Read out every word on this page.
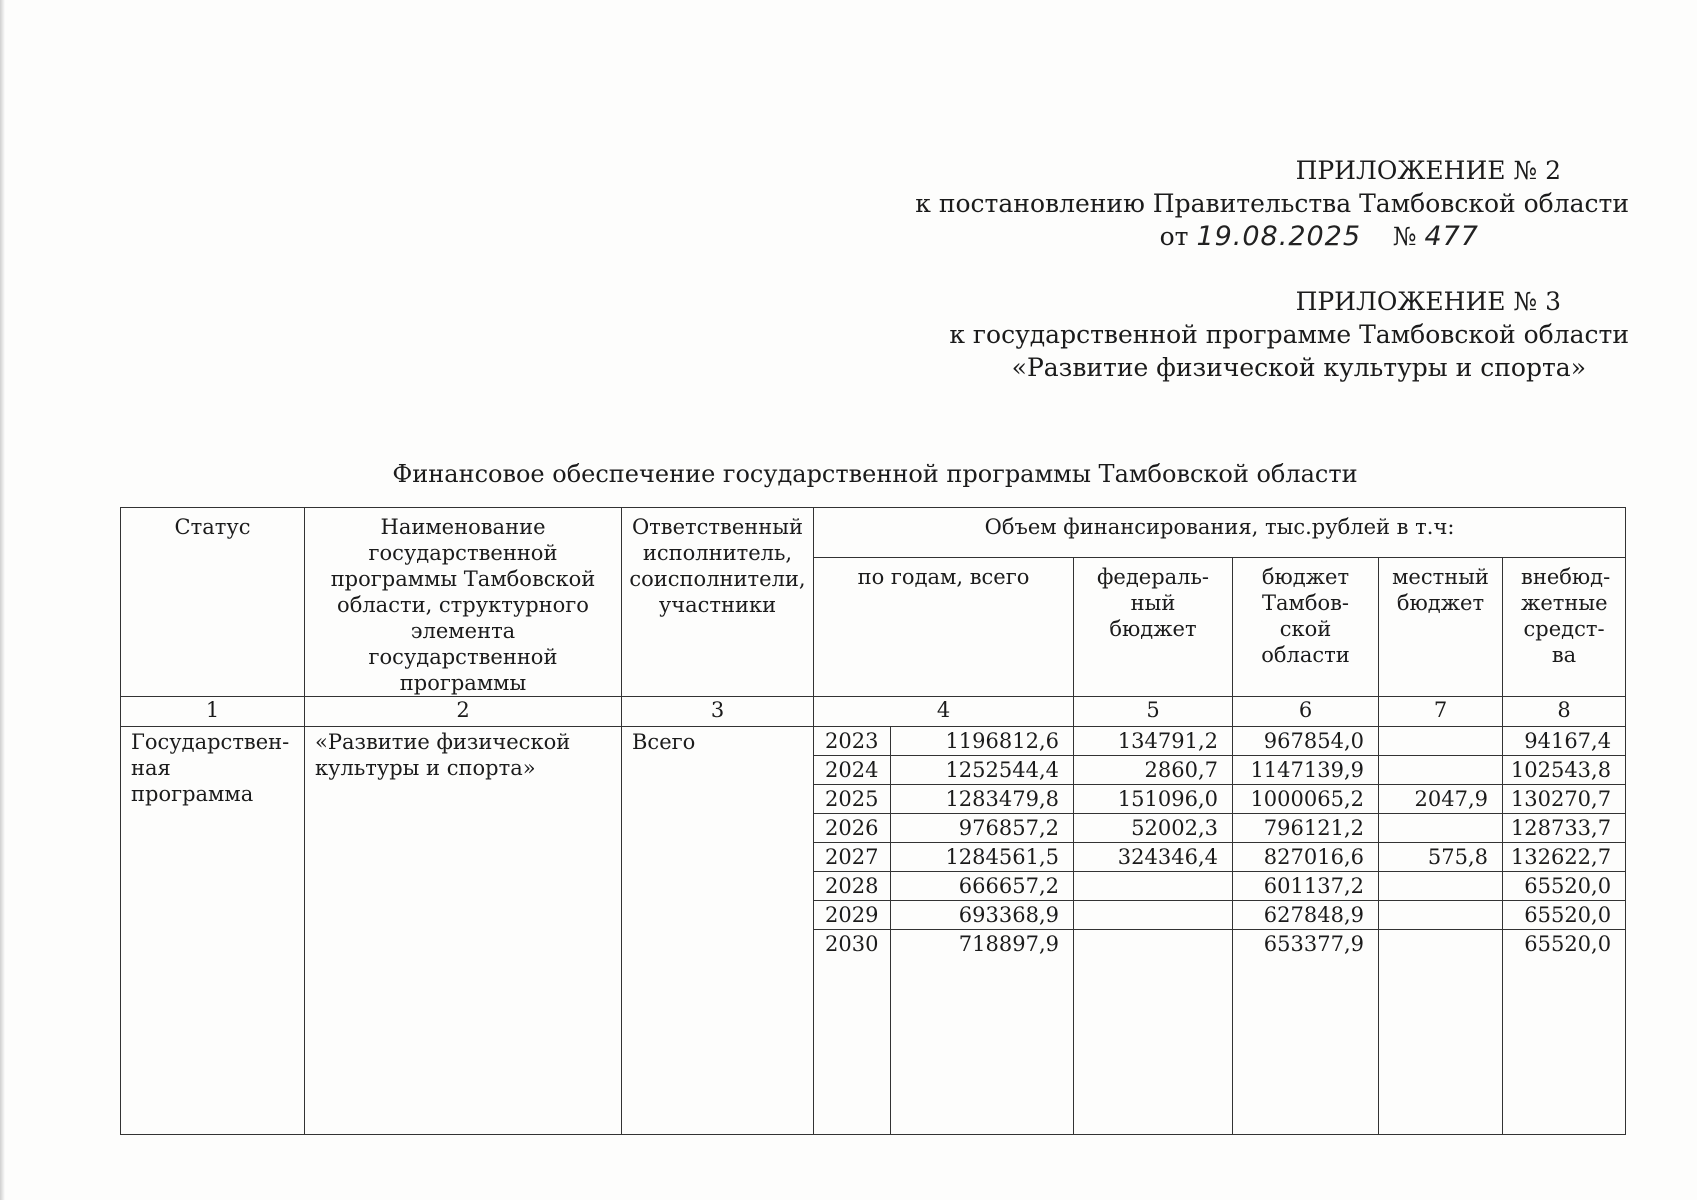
ПРИЛОЖЕНИЕ № 2
к постановлению Правительства Тамбовской области
от 19.08.2025 № 477
ПРИЛОЖЕНИЕ № 3
к государственной программе Тамбовской области
«Развитие физической культуры и спорта»
Финансовое обеспечение государственной программы Тамбовской области
Статус	Наименование государственной программы Тамбовской области, структурного элемента государственной программы	Ответственный исполнитель, соисполнители, участники	Объем финансирования, тыс.рублей в т.ч:					
			по годам, всего		федераль-ный бюджет	бюджет Тамбов-ской области	местный бюджет	внебюд-жетные средст-ва
1	2	3	4		5	6	7	8
Государствен-ная программа	«Развитие физической культуры и спорта»	Всего	2023	1196812,6	134791,2	967854,0		94167,4
			2024	1252544,4	2860,7	1147139,9		102543,8
			2025	1283479,8	151096,0	1000065,2	2047,9	130270,7
			2026	976857,2	52002,3	796121,2		128733,7
			2027	1284561,5	324346,4	827016,6	575,8	132622,7
			2028	666657,2		601137,2		65520,0
			2029	693368,9		627848,9		65520,0
			2030	718897,9		653377,9		65520,0
